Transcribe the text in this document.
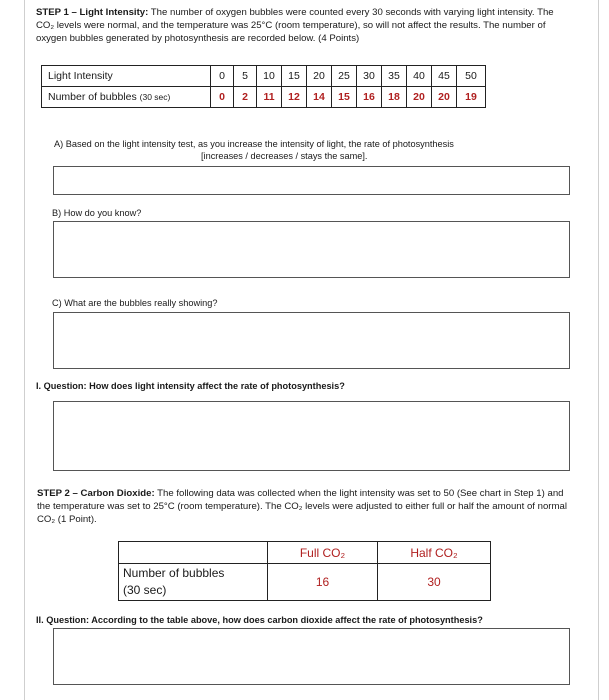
STEP 1 – Light Intensity: The number of oxygen bubbles were counted every 30 seconds with varying light intensity. The CO₂ levels were normal, and the temperature was 25°C (room temperature), so will not affect the results. The number of oxygen bubbles generated by photosynthesis are recorded below. (4 Points)
Light Intensity	0	5	10	15	20	25	30	35	40	45	50
Number of bubbles (30 sec)	0	2	11	12	14	15	16	18	20	20	19
A) Based on the light intensity test, as you increase the intensity of light, the rate of photosynthesis
[increases / decreases / stays the same].
B) How do you know?
C) What are the bubbles really showing?
I. Question: How does light intensity affect the rate of photosynthesis?
STEP 2 – Carbon Dioxide: The following data was collected when the light intensity was set to 50 (See chart in Step 1) and the temperature was set to 25°C (room temperature). The CO₂ levels were adjusted to either full or half the amount of normal CO₂ (1 Point).
	Full CO₂	Half CO₂

Number of bubbles
(30 sec)	16	30
II. Question: According to the table above, how does carbon dioxide affect the rate of photosynthesis?
